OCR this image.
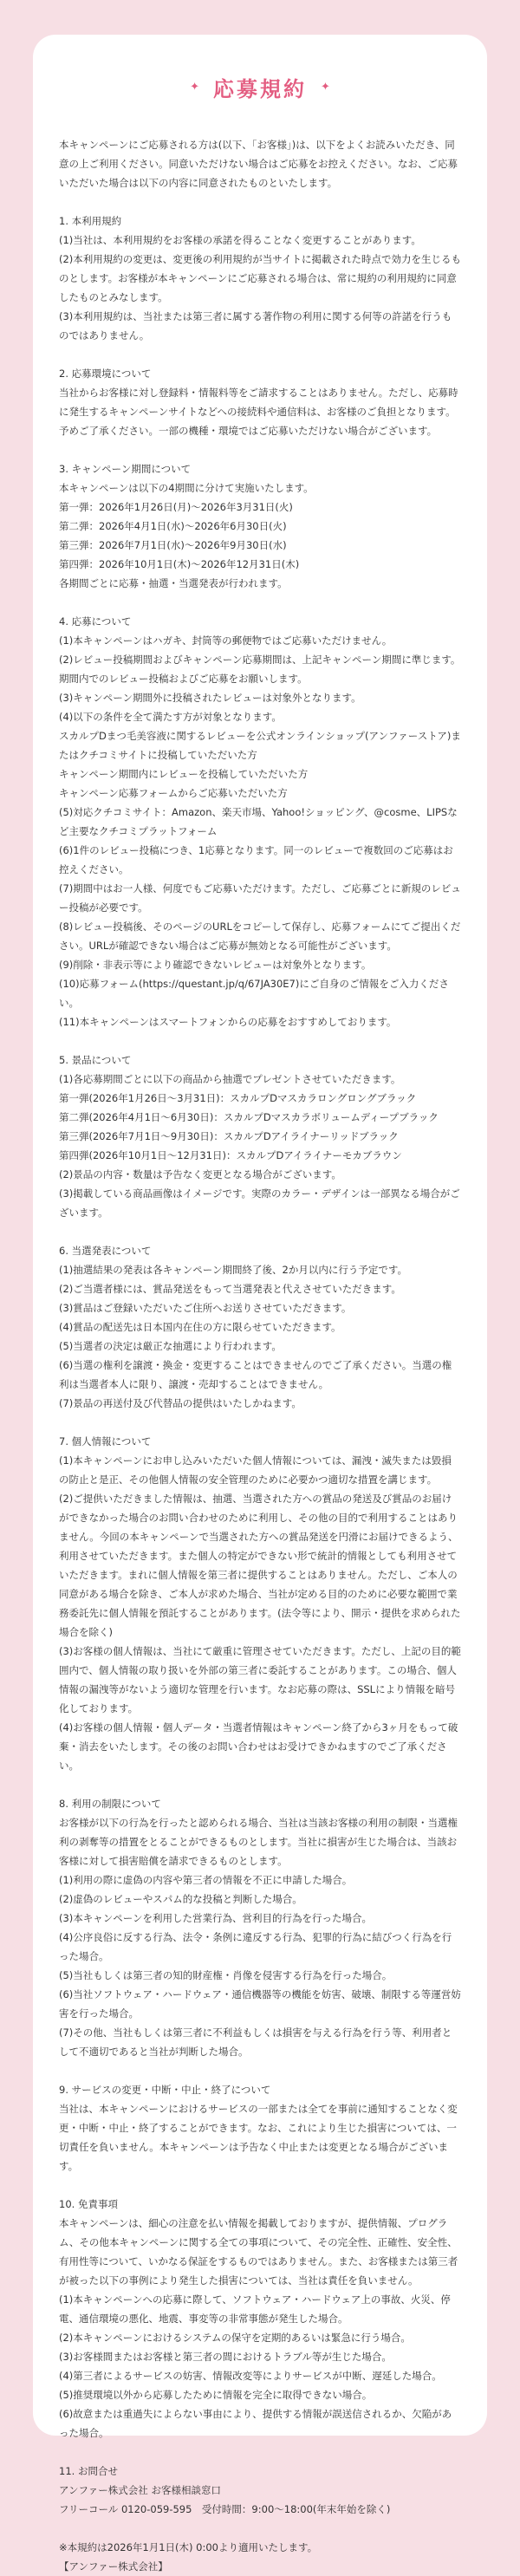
✦ 応募規約 ✦

本キャンペーンにご応募される方は(以下、「お客様」)は、以下をよくお読みいただき、同意の上ご利用ください。同意いただけない場合はご応募をお控えください。なお、ご応募いただいた場合は以下の内容に同意されたものといたします。

1. 本利用規約

(1)当社は、本利用規約をお客様の承諾を得ることなく変更することがあります。

(2)本利用規約の変更は、変更後の利用規約が当サイトに掲載された時点で効力を生じるものとします。お客様が本キャンペーンにご応募される場合は、常に規約の利用規約に同意したものとみなします。

(3)本利用規約は、当社または第三者に属する著作物の利用に関する何等の許諾を行うものではありません。

2. 応募環境について

当社からお客様に対し登録料・情報料等をご請求することはありません。ただし、応募時に発生するキャンペーンサイトなどへの接続料や通信料は、お客様のご負担となります。予めご了承ください。一部の機種・環境ではご応募いただけない場合がございます。

3. キャンペーン期間について

本キャンペーンは以下の4期間に分けて実施いたします。

第一弾：2026年1月26日(月)〜2026年3月31日(火)

第二弾：2026年4月1日(水)〜2026年6月30日(火)

第三弾：2026年7月1日(水)〜2026年9月30日(水)

第四弾：2026年10月1日(木)〜2026年12月31日(木)

各期間ごとに応募・抽選・当選発表が行われます。

4. 応募について

(1)本キャンペーンはハガキ、封筒等の郵便物ではご応募いただけません。

(2)レビュー投稿期間およびキャンペーン応募期間は、上記キャンペーン期間に準じます。期間内でのレビュー投稿およびご応募をお願いします。

(3)キャンペーン期間外に投稿されたレビューは対象外となります。

(4)以下の条件を全て満たす方が対象となります。

スカルプDまつ毛美容液に関するレビューを公式オンラインショップ(アンファーストア)またはクチコミサイトに投稿していただいた方

キャンペーン期間内にレビューを投稿していただいた方

キャンペーン応募フォームからご応募いただいた方

(5)対応クチコミサイト：Amazon、楽天市場、Yahoo!ショッピング、@cosme、LIPSなど主要なクチコミプラットフォーム

(6)1件のレビュー投稿につき、1応募となります。同一のレビューで複数回のご応募はお控えください。

(7)期間中はお一人様、何度でもご応募いただけます。ただし、ご応募ごとに新規のレビュー投稿が必要です。

(8)レビュー投稿後、そのページのURLをコピーして保存し、応募フォームにてご提出ください。URLが確認できない場合はご応募が無効となる可能性がございます。

(9)削除・非表示等により確認できないレビューは対象外となります。

(10)応募フォーム(https://questant.jp/q/67JA30E7)にご自身のご情報をご入力ください。

(11)本キャンペーンはスマートフォンからの応募をおすすめしております。

5. 景品について

(1)各応募期間ごとに以下の商品から抽選でプレゼントさせていただきます。

第一弾(2026年1月26日〜3月31日)：スカルプDマスカラロングロングブラック

第二弾(2026年4月1日〜6月30日)：スカルプDマスカラボリュームディープブラック

第三弾(2026年7月1日〜9月30日)：スカルプDアイライナーリッドブラック

第四弾(2026年10月1日〜12月31日)：スカルプDアイライナーモカブラウン

(2)景品の内容・数量は予告なく変更となる場合がございます。

(3)掲載している商品画像はイメージです。実際のカラー・デザインは一部異なる場合がございます。

6. 当選発表について

(1)抽選結果の発表は各キャンペーン期間終了後、2か月以内に行う予定です。

(2)ご当選者様には、賞品発送をもって当選発表と代えさせていただきます。

(3)賞品はご登録いただいたご住所へお送りさせていただきます。

(4)賞品の配送先は日本国内在住の方に限らせていただきます。

(5)当選者の決定は厳正な抽選により行われます。

(6)当選の権利を譲渡・換金・変更することはできませんのでご了承ください。当選の権利は当選者本人に限り、譲渡・売却することはできません。

(7)景品の再送付及び代替品の提供はいたしかねます。

7. 個人情報について

(1)本キャンペーンにお申し込みいただいた個人情報については、漏洩・滅失または毀損の防止と是正、その他個人情報の安全管理のために必要かつ適切な措置を講じます。

(2)ご提供いただきました情報は、抽選、当選された方への賞品の発送及び賞品のお届けができなかった場合のお問い合わせのために利用し、その他の目的で利用することはありません。今回の本キャンペーンで当選された方への賞品発送を円滑にお届けできるよう、利用させていただきます。また個人の特定ができない形で統計的情報としても利用させていただきます。まれに個人情報を第三者に提供することはありません。ただし、ご本人の同意がある場合を除き、ご本人が求めた場合、当社が定める目的のために必要な範囲で業務委託先に個人情報を預託することがあります。(法令等により、開示・提供を求められた場合を除く)

(3)お客様の個人情報は、当社にて厳重に管理させていただきます。ただし、上記の目的範囲内で、個人情報の取り扱いを外部の第三者に委託することがあります。この場合、個人情報の漏洩等がないよう適切な管理を行います。なお応募の際は、SSLにより情報を暗号化しております。

(4)お客様の個人情報・個人データ・当選者情報はキャンペーン終了から3ヶ月をもって破棄・消去をいたします。その後のお問い合わせはお受けできかねますのでご了承ください。

8. 利用の制限について

お客様が以下の行為を行ったと認められる場合、当社は当該お客様の利用の制限・当選権利の剥奪等の措置をとることができるものとします。当社に損害が生じた場合は、当該お客様に対して損害賠償を請求できるものとします。

(1)利用の際に虚偽の内容や第三者の情報を不正に申請した場合。

(2)虚偽のレビューやスパム的な投稿と判断した場合。

(3)本キャンペーンを利用した営業行為、営利目的行為を行った場合。

(4)公序良俗に反する行為、法令・条例に違反する行為、犯罪的行為に結びつく行為を行った場合。

(5)当社もしくは第三者の知的財産権・肖像を侵害する行為を行った場合。

(6)当社ソフトウェア・ハードウェア・通信機器等の機能を妨害、破壊、制限する等運営妨害を行った場合。

(7)その他、当社もしくは第三者に不利益もしくは損害を与える行為を行う等、利用者として不適切であると当社が判断した場合。

9. サービスの変更・中断・中止・終了について

当社は、本キャンペーンにおけるサービスの一部または全てを事前に通知することなく変更・中断・中止・終了することができます。なお、これにより生じた損害については、一切責任を負いません。本キャンペーンは予告なく中止または変更となる場合がございます。

10. 免責事項

本キャンペーンは、細心の注意を払い情報を掲載しておりますが、提供情報、プログラム、その他本キャンペーンに関する全ての事項について、その完全性、正確性、安全性、有用性等について、いかなる保証をするものではありません。また、お客様または第三者が被った以下の事例により発生した損害については、当社は責任を負いません。

(1)本キャンペーンへの応募に際して、ソフトウェア・ハードウェア上の事故、火災、停電、通信環境の悪化、地震、事変等の非常事態が発生した場合。

(2)本キャンペーンにおけるシステムの保守を定期的あるいは緊急に行う場合。

(3)お客様間またはお客様と第三者の間におけるトラブル等が生じた場合。

(4)第三者によるサービスの妨害、情報改変等によりサービスが中断、遅延した場合。

(5)推奨環境以外から応募したために情報を完全に取得できない場合。

(6)故意または重過失によらない事由により、提供する情報が誤送信されるか、欠陥があった場合。

11. お問合せ

アンファー株式会社 お客様相談窓口

フリーコール 0120-059-595　受付時間：9:00〜18:00(年末年始を除く)

※本規約は2026年1月1日(木) 0:00より適用いたします。

【アンファー株式会社】
